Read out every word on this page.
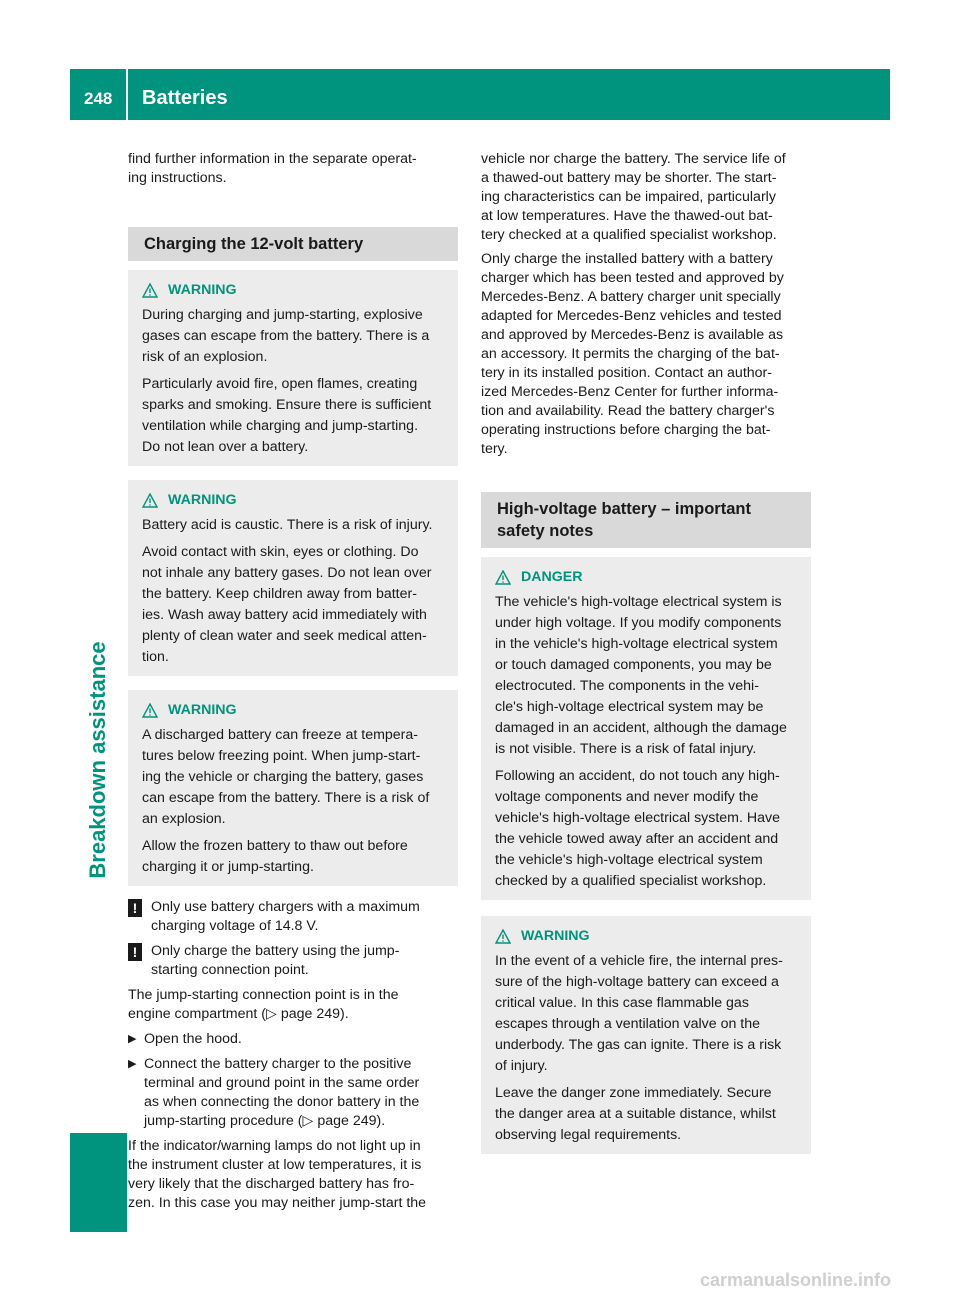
248 Batteries
Breakdown assistance

find further information in the separate operat-
ing instructions.

Charging the 12-volt battery
WARNING

During charging and jump-starting, explosive
gases can escape from the battery. There is a
risk of an explosion.

Particularly avoid fire, open flames, creating
sparks and smoking. Ensure there is sufficient
ventilation while charging and jump-starting.
Do not lean over a battery.

WARNING

Battery acid is caustic. There is a risk of injury.

Avoid contact with skin, eyes or clothing. Do
not inhale any battery gases. Do not lean over
the battery. Keep children away from batter-
ies. Wash away battery acid immediately with
plenty of clean water and seek medical atten-
tion.

WARNING

A discharged battery can freeze at tempera-
tures below freezing point. When jump-start-
ing the vehicle or charging the battery, gases
can escape from the battery. There is a risk of
an explosion.

Allow the frozen battery to thaw out before
charging it or jump-starting.

! Only use battery chargers with a maximum
charging voltage of 14.8 V.
! Only charge the battery using the jump-
starting connection point.

The jump-starting connection point is in the
engine compartment (▷ page 249).

▶ Open the hood.
▶ Connect the battery charger to the positive
terminal and ground point in the same order
as when connecting the donor battery in the
jump-starting procedure (▷ page 249).

If the indicator/warning lamps do not light up in
the instrument cluster at low temperatures, it is
very likely that the discharged battery has fro-
zen. In this case you may neither jump-start the

vehicle nor charge the battery. The service life of
a thawed-out battery may be shorter. The start-
ing characteristics can be impaired, particularly
at low temperatures. Have the thawed-out bat-
tery checked at a qualified specialist workshop.

Only charge the installed battery with a battery
charger which has been tested and approved by
Mercedes-Benz. A battery charger unit specially
adapted for Mercedes-Benz vehicles and tested
and approved by Mercedes-Benz is available as
an accessory. It permits the charging of the bat-
tery in its installed position. Contact an author-
ized Mercedes-Benz Center for further informa-
tion and availability. Read the battery charger's
operating instructions before charging the bat-
tery.

High-voltage battery – important
safety notes
DANGER

The vehicle's high-voltage electrical system is
under high voltage. If you modify components
in the vehicle's high-voltage electrical system
or touch damaged components, you may be
electrocuted. The components in the vehi-
cle's high-voltage electrical system may be
damaged in an accident, although the damage
is not visible. There is a risk of fatal injury.

Following an accident, do not touch any high-
voltage components and never modify the
vehicle's high-voltage electrical system. Have
the vehicle towed away after an accident and
the vehicle's high-voltage electrical system
checked by a qualified specialist workshop.

WARNING

In the event of a vehicle fire, the internal pres-
sure of the high-voltage battery can exceed a
critical value. In this case flammable gas
escapes through a ventilation valve on the
underbody. The gas can ignite. There is a risk
of injury.

Leave the danger zone immediately. Secure
the danger area at a suitable distance, whilst
observing legal requirements.

carmanualsonline.info
